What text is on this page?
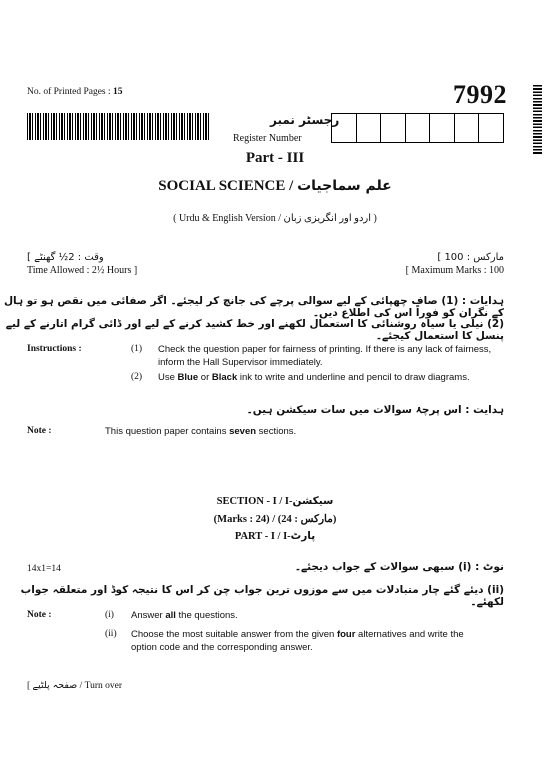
No. of Printed Pages : 15	7992
رجسٹر نمبر
Register Number
Part - III
SOCIAL SCIENCE / علم سماجیات
( Urdu & English Version / اردو اور انگریزی زبان )
[ وقت : 2½ گھنٹے
Time Allowed : 2½ Hours ]
مارکس : 100 ]
[ Maximum Marks : 100
ہدایات : (1) صاف چھپائی کے لیے سوالی پرچے کی جانچ کر لیجئے۔ اگر صفائی میں نقص ہو تو ہال کے نگران کو فوراً اس کی اطلاع دیں۔
(2) نیلی یا سیاہ روشنائی کا استعمال لکھنے اور خط کشید کرنے کے لیے اور ڈائی گرام اتارنے کے لیے پنسل کا استعمال کیجئے۔
Instructions :	(1) Check the question paper for fairness of printing. If there is any lack of fairness, inform the Hall Supervisor immediately.
(2) Use Blue or Black ink to write and underline and pencil to draw diagrams.
ہدایت : اس پرچۂ سوالات میں سات سیکشن ہیں۔
Note :	This question paper contains seven sections.
SECTION - I / I-سیکشن
(Marks : 24) / (24 : مارکس)
PART - I / I-پارٹ
14x1=14	نوٹ : (i) سبھی سوالات کے جواب دیجئے۔
(ii) دیئے گئے چار متبادلات میں سے موزوں ترین جواب چن کر اس کا نتیجہ کوڈ اور متعلقہ جواب لکھئے۔
Note :	(i) Answer all the questions.
(ii) Choose the most suitable answer from the given four alternatives and write the option code and the corresponding answer.
[ صفحہ پلٹیے / Turn over
